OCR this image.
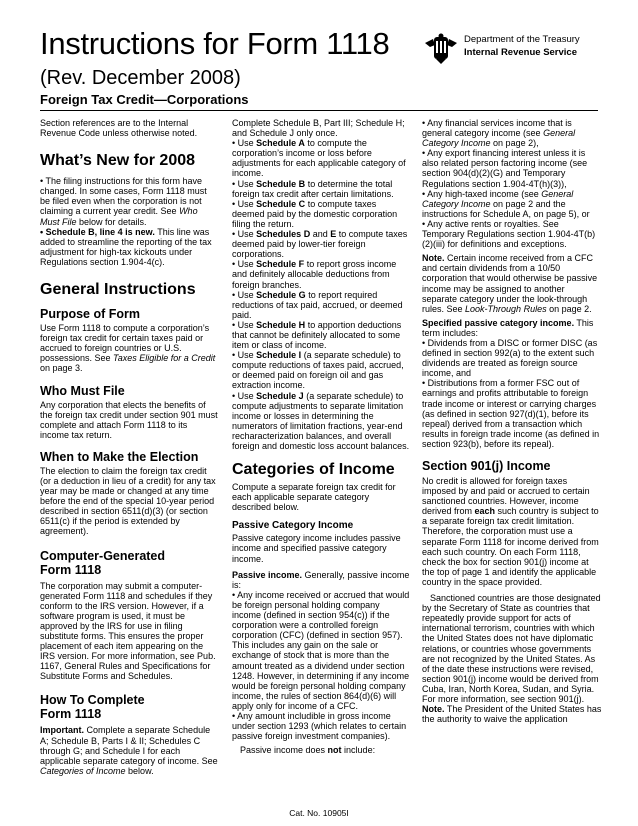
Instructions for Form 1118
(Rev. December 2008)
Foreign Tax Credit—Corporations
Department of the Treasury
Internal Revenue Service

Section references are to the Internal Revenue Code unless otherwise noted.

What’s New for 2008

• The filing instructions for this form have changed. In some cases, Form 1118 must be filed even when the corporation is not claiming a current year credit. See Who Must File below for details.

• Schedule B, line 4 is new. This line was added to streamline the reporting of the tax adjustment for high-tax kickouts under Regulations section 1.904-4(c).

General Instructions
Purpose of Form

Use Form 1118 to compute a corporation’s foreign tax credit for certain taxes paid or accrued to foreign countries or U.S. possessions. See Taxes Eligible for a Credit on page 3.

Who Must File

Any corporation that elects the benefits of the foreign tax credit under section 901 must complete and attach Form 1118 to its income tax return.

When to Make the Election

The election to claim the foreign tax credit (or a deduction in lieu of a credit) for any tax year may be made or changed at any time before the end of the special 10-year period described in section 6511(d)(3) (or section 6511(c) if the period is extended by agreement).

Computer-Generated
Form 1118

The corporation may submit a computer-generated Form 1118 and schedules if they conform to the IRS version. However, if a software program is used, it must be approved by the IRS for use in filing substitute forms. This ensures the proper placement of each item appearing on the IRS version. For more information, see Pub. 1167, General Rules and Specifications for Substitute Forms and Schedules.

How To Complete
Form 1118

Important. Complete a separate Schedule A; Schedule B, Parts I & II; Schedules C through G; and Schedule I for each applicable separate category of income. See Categories of Income below.

Complete Schedule B, Part III; Schedule H; and Schedule J only once.

• Use Schedule A to compute the corporation’s income or loss before adjustments for each applicable category of income.

• Use Schedule B to determine the total foreign tax credit after certain limitations.

• Use Schedule C to compute taxes deemed paid by the domestic corporation filing the return.

• Use Schedules D and E to compute taxes deemed paid by lower-tier foreign corporations.

• Use Schedule F to report gross income and definitely allocable deductions from foreign branches.

• Use Schedule G to report required reductions of tax paid, accrued, or deemed paid.

• Use Schedule H to apportion deductions that cannot be definitely allocated to some item or class of income.

• Use Schedule I (a separate schedule) to compute reductions of taxes paid, accrued, or deemed paid on foreign oil and gas extraction income.

• Use Schedule J (a separate schedule) to compute adjustments to separate limitation income or losses in determining the numerators of limitation fractions, year-end recharacterization balances, and overall foreign and domestic loss account balances.

Categories of Income

Compute a separate foreign tax credit for each applicable separate category described below.

Passive Category Income

Passive category income includes passive income and specified passive category income.

Passive income. Generally, passive income is:

• Any income received or accrued that would be foreign personal holding company income (defined in section 954(c)) if the corporation were a controlled foreign corporation (CFC) (defined in section 957). This includes any gain on the sale or exchange of stock that is more than the amount treated as a dividend under section 1248. However, in determining if any income would be foreign personal holding company income, the rules of section 864(d)(6) will apply only for income of a CFC.

• Any amount includible in gross income under section 1293 (which relates to certain passive foreign investment companies).

Passive income does not include:

• Any financial services income that is general category income (see General Category Income on page 2),

• Any export financing interest unless it is also related person factoring income (see section 904(d)(2)(G) and Temporary Regulations section 1.904-4T(h)(3)),

• Any high-taxed income (see General Category Income on page 2 and the instructions for Schedule A, on page 5), or

• Any active rents or royalties. See Temporary Regulations section 1.904-4T(b)(2)(iii) for definitions and exceptions.

Note. Certain income received from a CFC and certain dividends from a 10/50 corporation that would otherwise be passive income may be assigned to another separate category under the look-through rules. See Look-Through Rules on page 2.

Specified passive category income. This term includes:

• Dividends from a DISC or former DISC (as defined in section 992(a) to the extent such dividends are treated as foreign source income, and

• Distributions from a former FSC out of earnings and profits attributable to foreign trade income or interest or carrying charges (as defined in section 927(d)(1), before its repeal) derived from a transaction which results in foreign trade income (as defined in section 923(b), before its repeal).

Section 901(j) Income

No credit is allowed for foreign taxes imposed by and paid or accrued to certain sanctioned countries. However, income derived from each such country is subject to a separate foreign tax credit limitation. Therefore, the corporation must use a separate Form 1118 for income derived from each such country. On each Form 1118, check the box for section 901(j) income at the top of page 1 and identify the applicable country in the space provided.

Sanctioned countries are those designated by the Secretary of State as countries that repeatedly provide support for acts of international terrorism, countries with which the United States does not have diplomatic relations, or countries whose governments are not recognized by the United States. As of the date these instructions were revised, section 901(j) income would be derived from Cuba, Iran, North Korea, Sudan, and Syria. For more information, see section 901(j).

Note. The President of the United States has the authority to waive the application

Cat. No. 10905I
